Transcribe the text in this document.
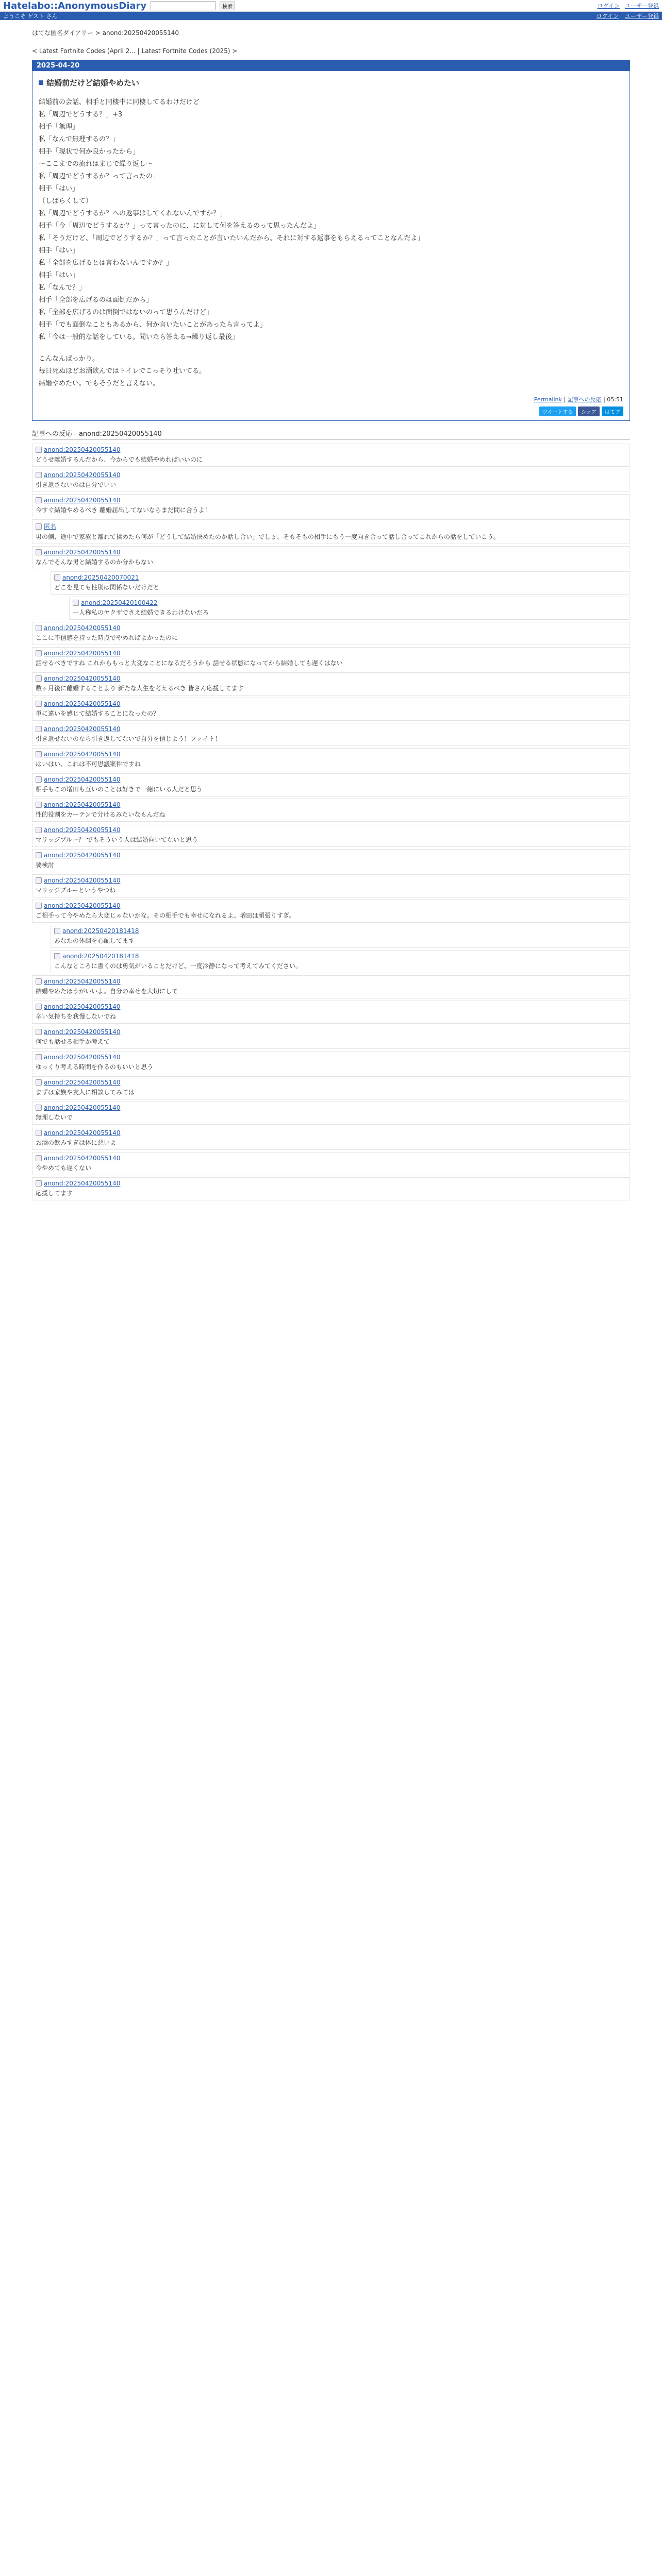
Hatelabo::AnonymousDiary	検索	ログイン ユーザー登録
ようこそ ゲスト さん	ログイン ユーザー登録
はてな匿名ダイアリー > anond:20250420055140
< Latest Fortnite Codes (April 2... | Latest Fortnite Codes (2025) >
2025-04-20
結婚前だけど結婚やめたい

結婚前の会話、相手と同棲中に同棲してるわけだけど

私「周辺でどうする？」+3

相手「無理」

私「なんで無理するの？」

相手「現状で何か良かったから」

〜ここまでの流れはまじで繰り返し〜

私「周辺でどうするか？って言ったの」

相手「はい」

（しばらくして）

私「周辺でどうするか？への返事はしてくれないんですか？」

相手「今「周辺でどうするか？」って言ったのに、に対して何を答えるのって思ったんだよ」

私「そうだけど、「周辺でどうするか？」って言ったことが言いたいんだから、それに対する返事をもらえるってことなんだよ」

相手「はい」

私「全部を広げるとは言わないんですか？」

相手「はい」

私「なんで？」

相手「全部を広げるのは面倒だから」

私「全部を広げるのは面倒ではないのって思うんだけど」

相手「でも面倒なこともあるから、何か言いたいことがあったら言ってよ」

私「今は一般的な話をしている。聞いたら答える→繰り返し最後」

こんなんばっかり。

毎日死ぬほどお酒飲んではトイレでこっそり吐いてる。

結婚やめたい。でもそうだと言えない。

Permalink | 記事への反応 | 05:51
ツイートする	シェア	はてブ
記事への反応 - anond:20250420055140
anond:20250420055140
どうせ離婚するんだから、今からでも結婚やめればいいのに
anond:20250420055140
引き返さないのは自分でいい
anond:20250420055140
今すぐ結婚やめるべき 離婚届出してないならまだ間に合うよ！
匿名
男の側、途中で家族と離れて揉めたら何が「どうして結婚決めたのか話し合い」でしょ、そもそもの相手にもう一度向き合って話し合ってこれからの話をしていこう。
anond:20250420055140
なんでそんな男と結婚するのか分からない
anond:20250420070021
どこを見ても性別は関係ないだけだと
anond:20250420100422
一人称私のヤクザでさえ結婚できるわけないだろ
anond:20250420055140
ここに不信感を持った時点でやめればよかったのに
anond:20250420055140
話せるべきですね これからもっと大変なことになるだろうから 話せる状態になってから結婚しても遅くはない
anond:20250420055140
数ヶ月後に離婚することより 新たな人生を考えるべき 皆さん応援してます
anond:20250420055140
単に違いを感じて結婚することになったの？
anond:20250420055140
引き返せないのなら引き返してないで自分を信じよう！ファイト！
anond:20250420055140
はいはい、これは不可思議案件ですね
anond:20250420055140
相手もこの増田も互いのことは好きで一緒にいる人だと思う
anond:20250420055140
性的役割をカーテンで分けるみたいなもんだね
anond:20250420055140
マリッジブルー？ でもそういう人は結婚向いてないと思う
anond:20250420055140
要検討
anond:20250420055140
マリッジブルーというやつね
anond:20250420055140
ご相手って今やめたら大変じゃないかな。その相手でも幸せになれるよ。増田は頑張りすぎ。
anond:20250420181418
あなたの体調を心配してます
anond:20250420181418
こんなところに書くのは勇気がいることだけど、一度冷静になって考えてみてください。
anond:20250420055140
結婚やめたほうがいいよ。自分の幸せを大切にして
anond:20250420055140
辛い気持ちを我慢しないでね
anond:20250420055140
何でも話せる相手か考えて
anond:20250420055140
ゆっくり考える時間を作るのもいいと思う
anond:20250420055140
まずは家族や友人に相談してみては
anond:20250420055140
無理しないで
anond:20250420055140
お酒の飲みすぎは体に悪いよ
anond:20250420055140
今やめても遅くない
anond:20250420055140
応援してます
